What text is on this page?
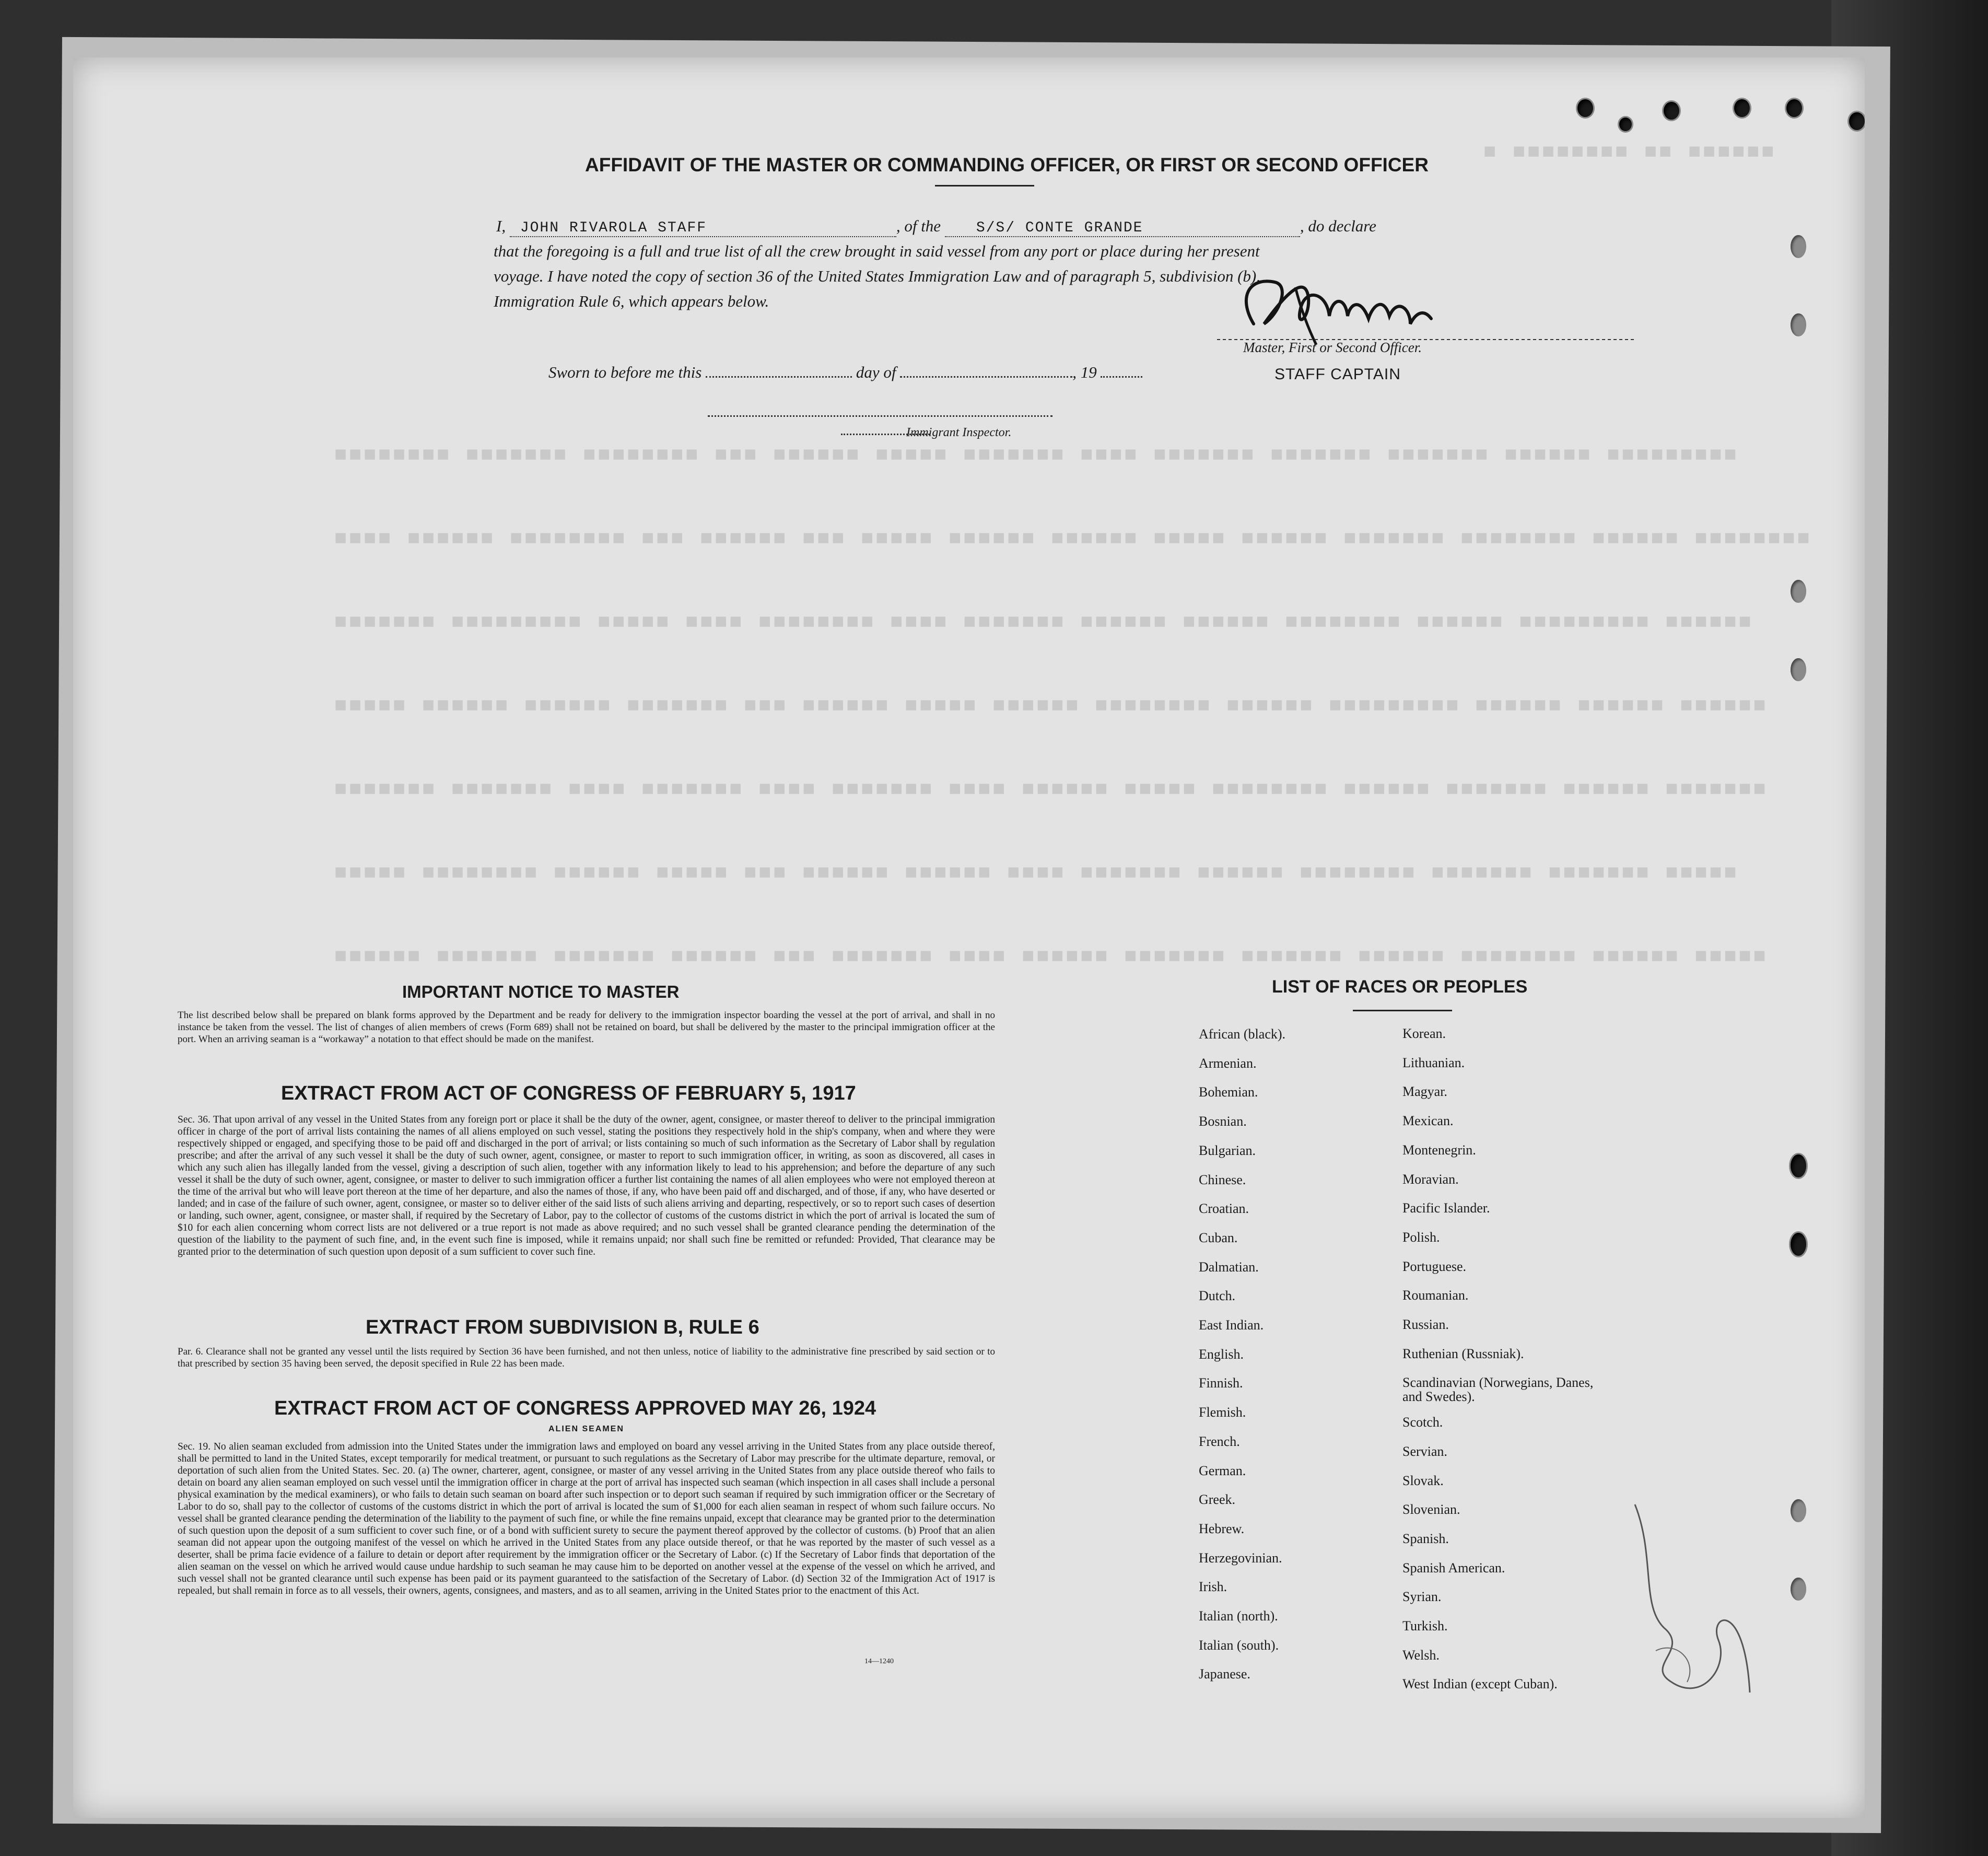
■ ■■■■■■■■ ■■ ■■■■■■
■■■■■■■■ ■■■■■■■ ■■■■■■■■ ■■■ ■■■■■■ ■■■■■ ■■■■■■■ ■■■■ ■■■■■■■ ■■■■■■■ ■■■■■■■ ■■■■■■ ■■■■■■■■■
■■■■ ■■■■■■ ■■■■■■■■ ■■■ ■■■■■■ ■■■ ■■■■■ ■■■■■■ ■■■■■■ ■■■■■ ■■■■■■ ■■■■■■■ ■■■■■■■■ ■■■■■■ ■■■■■■■■
■■■■■■■ ■■■■■■■■■ ■■■■■ ■■■■ ■■■■■■■■ ■■■■ ■■■■■■■ ■■■■■■ ■■■■■■ ■■■■■■■■ ■■■■■■ ■■■■■■■■■ ■■■■■■
■■■■■ ■■■■■■ ■■■■■■ ■■■■■■■ ■■■ ■■■■■■ ■■■■■ ■■■■■■ ■■■■■■■■ ■■■■■■ ■■■■■■■■■ ■■■■■■ ■■■■■■ ■■■■■■
■■■■■■■ ■■■■■■■ ■■■■ ■■■■■■■ ■■■■ ■■■■■■■ ■■■■ ■■■■■■ ■■■■■ ■■■■■■■■ ■■■■■■ ■■■■■■■ ■■■■■■ ■■■■■■■
■■■■■ ■■■■■■■■ ■■■■■■ ■■■■■ ■■■ ■■■■■■ ■■■■■■ ■■■■ ■■■■■■■ ■■■■■■ ■■■■■■■■ ■■■■■■■ ■■■■■■■ ■■■■■
■■■■■■ ■■■■■■■ ■■■■■■■ ■■■■■■ ■■■ ■■■■■■■ ■■■■ ■■■■■■ ■■■■■■■ ■■■■■■■ ■■■■■■ ■■■■■■■■ ■■■■■■ ■■■■■
AFFIDAVIT OF THE MASTER OR COMMANDING OFFICER, OR FIRST OR SECOND OFFICER
I, JOHN RIVAROLA STAFF	, of the S/S/ CONTE GRANDE	, do declare
that the foregoing is a full and true list of all the crew brought in said vessel from any port or place during her present
voyage. I have noted the copy of section 36 of the United States Immigration Law and of paragraph 5, subdivision (b),
Immigration Rule 6, which appears below.
Master, First or Second Officer.
STAFF CAPTAIN
Sworn to before me this	day of	, 19
Immigrant Inspector.
IMPORTANT NOTICE TO MASTER
The list described below shall be prepared on blank forms approved by the Department and be ready for delivery to the immigration inspector boarding the vessel at the port of arrival, and shall in no instance be taken from the vessel. The list of changes of alien members of crews (Form 689) shall not be retained on board, but shall be delivered by the master to the principal immigration officer at the port. When an arriving seaman is a “workaway” a notation to that effect should be made on the manifest.
EXTRACT FROM ACT OF CONGRESS OF FEBRUARY 5, 1917
Sec. 36. That upon arrival of any vessel in the United States from any foreign port or place it shall be the duty of the owner, agent, consignee, or master thereof to deliver to the principal immigration officer in charge of the port of arrival lists containing the names of all aliens employed on such vessel, stating the positions they respectively hold in the ship's company, when and where they were respectively shipped or engaged, and specifying those to be paid off and discharged in the port of arrival; or lists containing so much of such information as the Secretary of Labor shall by regulation prescribe; and after the arrival of any such vessel it shall be the duty of such owner, agent, consignee, or master to report to such immigration officer, in writing, as soon as discovered, all cases in which any such alien has illegally landed from the vessel, giving a description of such alien, together with any information likely to lead to his apprehension; and before the departure of any such vessel it shall be the duty of such owner, agent, consignee, or master to deliver to such immigration officer a further list containing the names of all alien employees who were not employed thereon at the time of the arrival but who will leave port thereon at the time of her departure, and also the names of those, if any, who have been paid off and discharged, and of those, if any, who have deserted or landed; and in case of the failure of such owner, agent, consignee, or master so to deliver either of the said lists of such aliens arriving and departing, respectively, or so to report such cases of desertion or landing, such owner, agent, consignee, or master shall, if required by the Secretary of Labor, pay to the collector of customs of the customs district in which the port of arrival is located the sum of $10 for each alien concerning whom correct lists are not delivered or a true report is not made as above required; and no such vessel shall be granted clearance pending the determination of the question of the liability to the payment of such fine, and, in the event such fine is imposed, while it remains unpaid; nor shall such fine be remitted or refunded: Provided, That clearance may be granted prior to the determination of such question upon deposit of a sum sufficient to cover such fine.
EXTRACT FROM SUBDIVISION B, RULE 6
Par. 6. Clearance shall not be granted any vessel until the lists required by Section 36 have been furnished, and not then unless, notice of liability to the administrative fine prescribed by said section or to that prescribed by section 35 having been served, the deposit specified in Rule 22 has been made.
EXTRACT FROM ACT OF CONGRESS APPROVED MAY 26, 1924
ALIEN SEAMEN
Sec. 19. No alien seaman excluded from admission into the United States under the immigration laws and employed on board any vessel arriving in the United States from any place outside thereof, shall be permitted to land in the United States, except temporarily for medical treatment, or pursuant to such regulations as the Secretary of Labor may prescribe for the ultimate departure, removal, or deportation of such alien from the United States. Sec. 20. (a) The owner, charterer, agent, consignee, or master of any vessel arriving in the United States from any place outside thereof who fails to detain on board any alien seaman employed on such vessel until the immigration officer in charge at the port of arrival has inspected such seaman (which inspection in all cases shall include a personal physical examination by the medical examiners), or who fails to detain such seaman on board after such inspection or to deport such seaman if required by such immigration officer or the Secretary of Labor to do so, shall pay to the collector of customs of the customs district in which the port of arrival is located the sum of $1,000 for each alien seaman in respect of whom such failure occurs. No vessel shall be granted clearance pending the determination of the liability to the payment of such fine, or while the fine remains unpaid, except that clearance may be granted prior to the determination of such question upon the deposit of a sum sufficient to cover such fine, or of a bond with sufficient surety to secure the payment thereof approved by the collector of customs. (b) Proof that an alien seaman did not appear upon the outgoing manifest of the vessel on which he arrived in the United States from any place outside thereof, or that he was reported by the master of such vessel as a deserter, shall be prima facie evidence of a failure to detain or deport after requirement by the immigration officer or the Secretary of Labor. (c) If the Secretary of Labor finds that deportation of the alien seaman on the vessel on which he arrived would cause undue hardship to such seaman he may cause him to be deported on another vessel at the expense of the vessel on which he arrived, and such vessel shall not be granted clearance until such expense has been paid or its payment guaranteed to the satisfaction of the Secretary of Labor. (d) Section 32 of the Immigration Act of 1917 is repealed, but shall remain in force as to all vessels, their owners, agents, consignees, and masters, and as to all seamen, arriving in the United States prior to the enactment of this Act.
14—1240
LIST OF RACES OR PEOPLES
African (black).
Armenian.
Bohemian.
Bosnian.
Bulgarian.
Chinese.
Croatian.
Cuban.
Dalmatian.
Dutch.
East Indian.
English.
Finnish.
Flemish.
French.
German.
Greek.
Hebrew.
Herzegovinian.
Irish.
Italian (north).
Italian (south).
Japanese.
Korean.
Lithuanian.
Magyar.
Mexican.
Montenegrin.
Moravian.
Pacific Islander.
Polish.
Portuguese.
Roumanian.
Russian.
Ruthenian (Russniak).
Scandinavian (Norwegians, Danes, and Swedes).
Scotch.
Servian.
Slovak.
Slovenian.
Spanish.
Spanish American.
Syrian.
Turkish.
Welsh.
West Indian (except Cuban).
